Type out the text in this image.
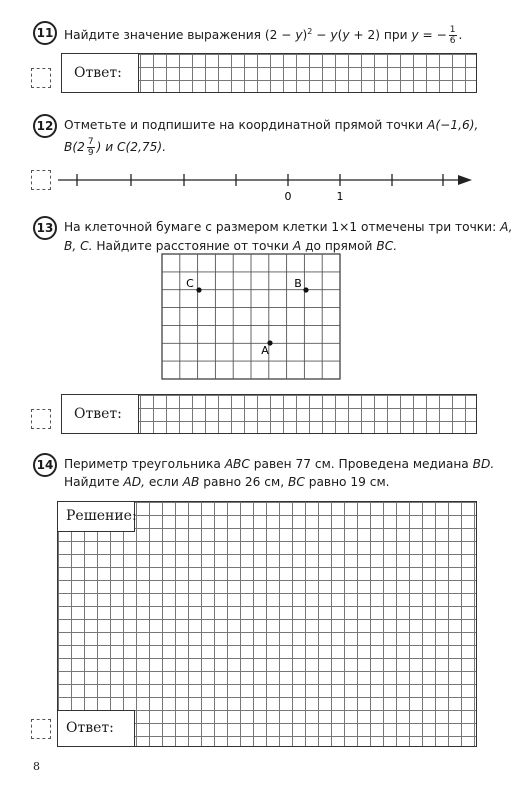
11 Найдите значение выражения $(2 - y)^2 - y(y + 2)$ при y = − $\frac{1}{6}$ .
Ответ:
12 Отметьте и подпишите на координатной прямой точки A(−1,6),
$B(2 \frac{7}{9}$ ) и C(2,75).
0	1
13 На клеточной бумаге с размером клетки 1×1 отмечены три точки: A,
B, C. Найдите расстояние от точки A до прямой BC.
C	B
A
Ответ:
14 Периметр треугольника ABC равен 77 см. Проведена медиана BD.
Найдите AD, если AB равно 26 см, BC равно 19 см.
Решение:
Ответ:
8
